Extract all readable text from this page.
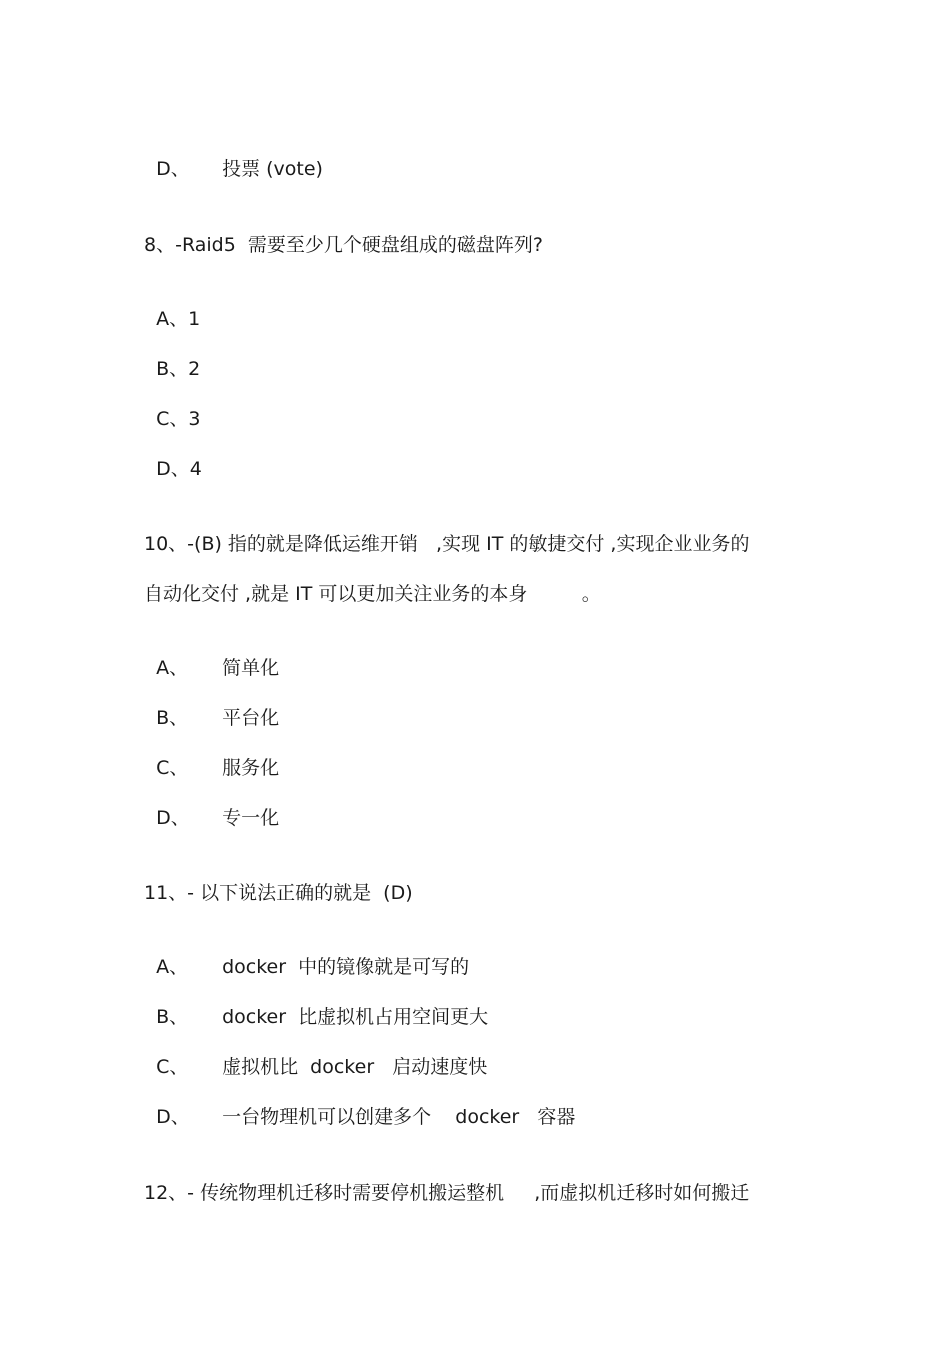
D、 投票 (vote)

8、-Raid5  需要至少几个硬盘组成的磁盘阵列?

A、1

B、2

C、3

D、4

10、-(B) 指的就是降低运维开销   ,实现 IT 的敏捷交付 ,实现企业业务的
自动化交付 ,就是 IT 可以更加关注业务的本身         。

A、 简单化

B、 平台化

C、 服务化

D、 专一化

11、- 以下说法正确的就是  (D)

A、 docker  中的镜像就是可写的

B、 docker  比虚拟机占用空间更大

C、 虚拟机比  docker   启动速度快

D、 一台物理机可以创建多个    docker   容器

12、- 传统物理机迁移时需要停机搬运整机     ,而虚拟机迁移时如何搬迁
